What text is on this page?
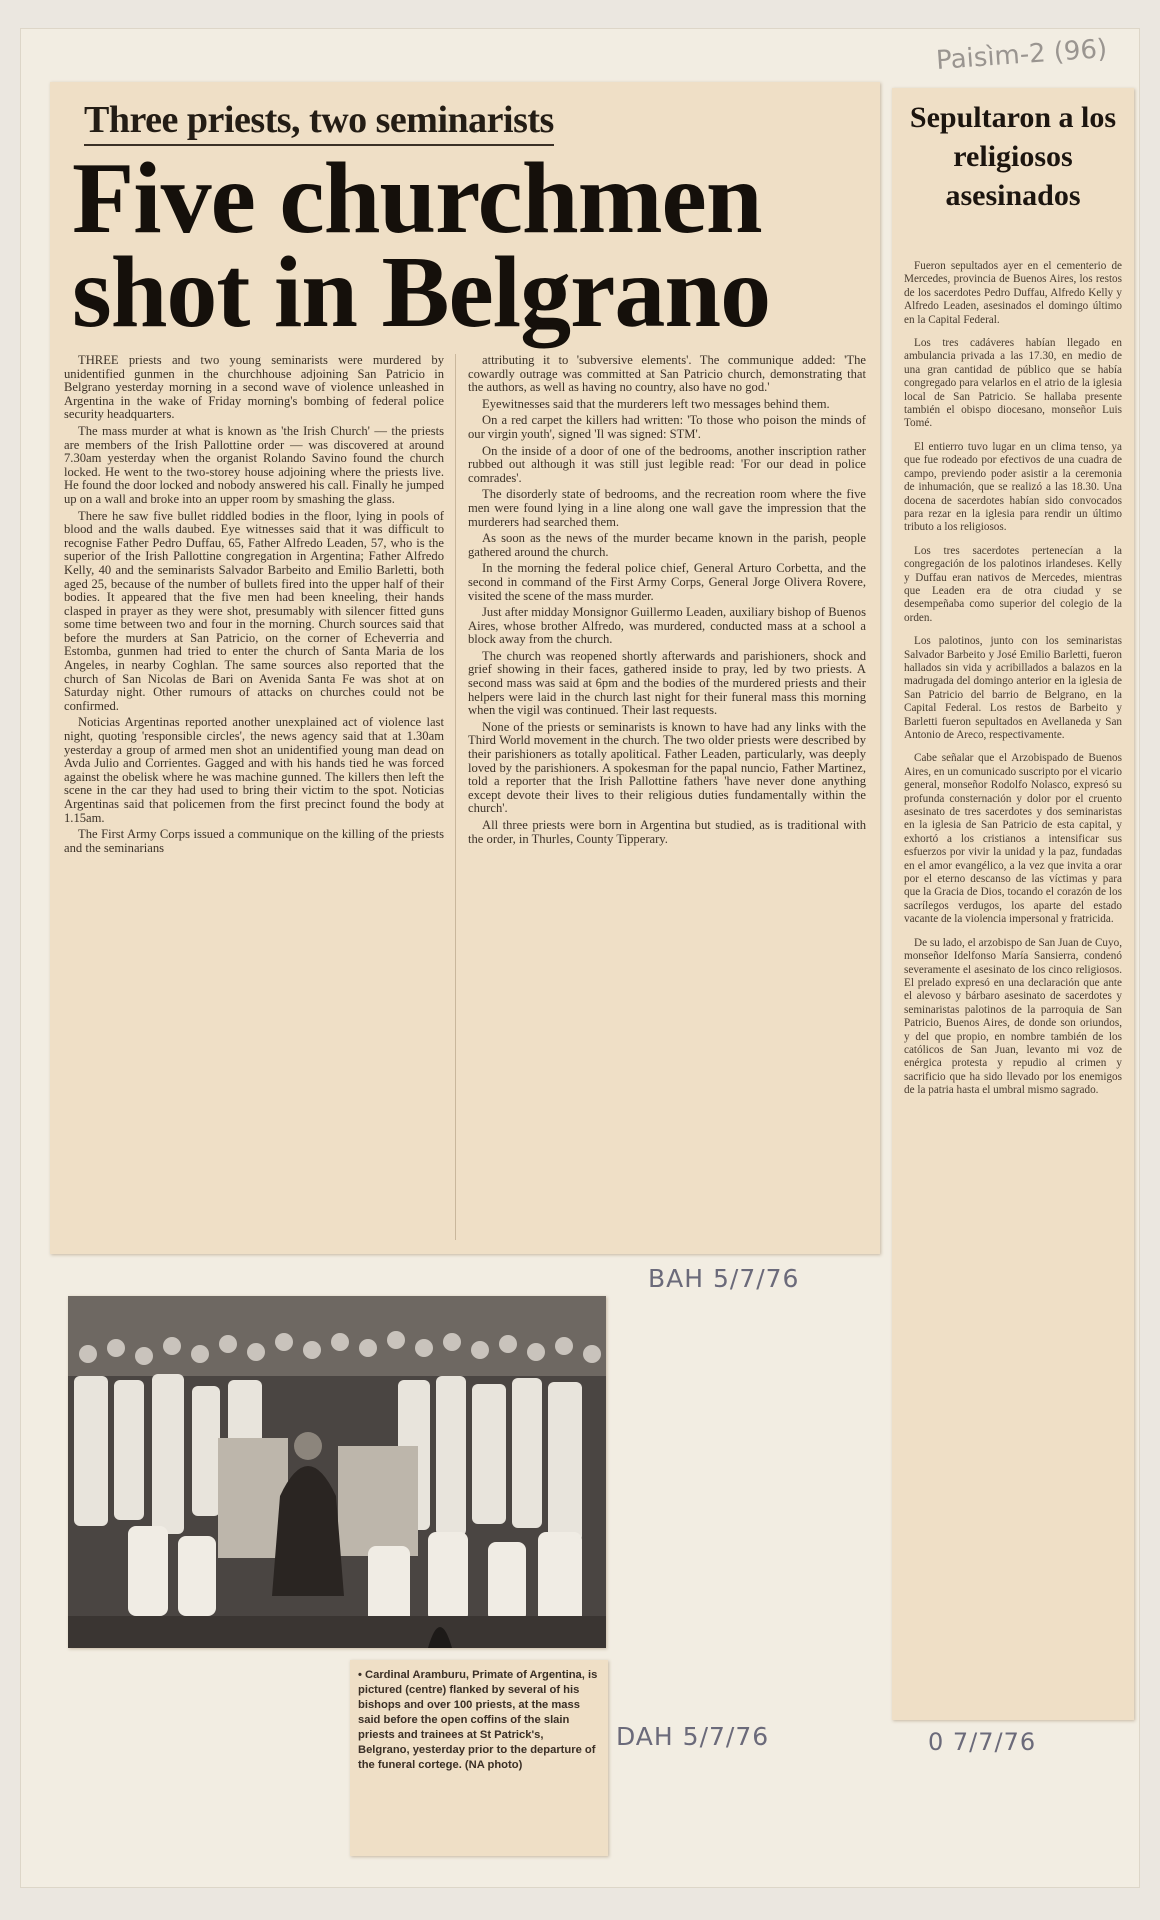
Paisìm-2 (96)
Three priests, two seminarists
Five churchmen shot in Belgrano

THREE priests and two young seminarists were murdered by unidentified gunmen in the churchhouse adjoining San Patricio in Belgrano yesterday morning in a second wave of violence unleashed in Argentina in the wake of Friday morning's bombing of federal police security headquarters.

The mass murder at what is known as 'the Irish Church' — the priests are members of the Irish Pallottine order — was discovered at around 7.30am yesterday when the organist Rolando Savino found the church locked. He went to the two-storey house adjoining where the priests live. He found the door locked and nobody answered his call. Finally he jumped up on a wall and broke into an upper room by smashing the glass.

There he saw five bullet riddled bodies in the floor, lying in pools of blood and the walls daubed. Eye witnesses said that it was difficult to recognise Father Pedro Duffau, 65, Father Alfredo Leaden, 57, who is the superior of the Irish Pallottine congregation in Argentina; Father Alfredo Kelly, 40 and the seminarists Salvador Barbeito and Emilio Barletti, both aged 25, because of the number of bullets fired into the upper half of their bodies. It appeared that the five men had been kneeling, their hands clasped in prayer as they were shot, presumably with silencer fitted guns some time between two and four in the morning. Church sources said that before the murders at San Patricio, on the corner of Echeverria and Estomba, gunmen had tried to enter the church of Santa Maria de los Angeles, in nearby Coghlan. The same sources also reported that the church of San Nicolas de Bari on Avenida Santa Fe was shot at on Saturday night. Other rumours of attacks on churches could not be confirmed.

Noticias Argentinas reported another unexplained act of violence last night, quoting 'responsible circles', the news agency said that at 1.30am yesterday a group of armed men shot an unidentified young man dead on Avda Julio and Corrientes. Gagged and with his hands tied he was forced against the obelisk where he was machine gunned. The killers then left the scene in the car they had used to bring their victim to the spot. Noticias Argentinas said that policemen from the first precinct found the body at 1.15am.

The First Army Corps issued a communique on the killing of the priests and the seminarians

attributing it to 'subversive elements'. The communique added: 'The cowardly outrage was committed at San Patricio church, demonstrating that the authors, as well as having no country, also have no god.'

Eyewitnesses said that the murderers left two messages behind them.

On a red carpet the killers had written: 'To those who poison the minds of our virgin youth', signed 'Il was signed: STM'.

On the inside of a door of one of the bedrooms, another inscription rather rubbed out although it was still just legible read: 'For our dead in police comrades'.

The disorderly state of bedrooms, and the recreation room where the five men were found lying in a line along one wall gave the impression that the murderers had searched them.

As soon as the news of the murder became known in the parish, people gathered around the church.

In the morning the federal police chief, General Arturo Corbetta, and the second in command of the First Army Corps, General Jorge Olivera Rovere, visited the scene of the mass murder.

Just after midday Monsignor Guillermo Leaden, auxiliary bishop of Buenos Aires, whose brother Alfredo, was murdered, conducted mass at a school a block away from the church.

The church was reopened shortly afterwards and parishioners, shock and grief showing in their faces, gathered inside to pray, led by two priests. A second mass was said at 6pm and the bodies of the murdered priests and their helpers were laid in the church last night for their funeral mass this morning when the vigil was continued. Their last requests.

None of the priests or seminarists is known to have had any links with the Third World movement in the church. The two older priests were described by their parishioners as totally apolitical. Father Leaden, particularly, was deeply loved by the parishioners. A spokesman for the papal nuncio, Father Martinez, told a reporter that the Irish Pallottine fathers 'have never done anything except devote their lives to their religious duties fundamentally within the church'.

All three priests were born in Argentina but studied, as is traditional with the order, in Thurles, County Tipperary.

Sepultaron a los religiosos asesinados

Fueron sepultados ayer en el cementerio de Mercedes, provincia de Buenos Aires, los restos de los sacerdotes Pedro Duffau, Alfredo Kelly y Alfredo Leaden, asesinados el domingo último en la Capital Federal.

Los tres cadáveres habían llegado en ambulancia privada a las 17.30, en medio de una gran cantidad de público que se había congregado para velarlos en el atrio de la iglesia local de San Patricio. Se hallaba presente también el obispo diocesano, monseñor Luis Tomé.

El entierro tuvo lugar en un clima tenso, ya que fue rodeado por efectivos de una cuadra de campo, previendo poder asistir a la ceremonia de inhumación, que se realizó a las 18.30. Una docena de sacerdotes habían sido convocados para rezar en la iglesia para rendir un último tributo a los religiosos.

Los tres sacerdotes pertenecían a la congregación de los palotinos irlandeses. Kelly y Duffau eran nativos de Mercedes, mientras que Leaden era de otra ciudad y se desempeñaba como superior del colegio de la orden.

Los palotinos, junto con los seminaristas Salvador Barbeito y José Emilio Barletti, fueron hallados sin vida y acribillados a balazos en la madrugada del domingo anterior en la iglesia de San Patricio del barrio de Belgrano, en la Capital Federal. Los restos de Barbeito y Barletti fueron sepultados en Avellaneda y San Antonio de Areco, respectivamente.

Cabe señalar que el Arzobispado de Buenos Aires, en un comunicado suscripto por el vicario general, monseñor Rodolfo Nolasco, expresó su profunda consternación y dolor por el cruento asesinato de tres sacerdotes y dos seminaristas en la iglesia de San Patricio de esta capital, y exhortó a los cristianos a intensificar sus esfuerzos por vivir la unidad y la paz, fundadas en el amor evangélico, a la vez que invita a orar por el eterno descanso de las víctimas y para que la Gracia de Dios, tocando el corazón de los sacrílegos verdugos, los aparte del estado vacante de la violencia impersonal y fratricida.

De su lado, el arzobispo de San Juan de Cuyo, monseñor Idelfonso María Sansierra, condenó severamente el asesinato de los cinco religiosos. El prelado expresó en una declaración que ante el alevoso y bárbaro asesinato de sacerdotes y seminaristas palotinos de la parroquia de San Patricio, Buenos Aires, de donde son oriundos, y del que propio, en nombre también de los católicos de San Juan, levanto mi voz de enérgica protesta y repudio al crimen y sacrificio que ha sido llevado por los enemigos de la patria hasta el umbral mismo sagrado.

BAH 5/7/76

• Cardinal Aramburu, Primate of Argentina, is pictured (centre) flanked by several of his bishops and over 100 priests, at the mass said before the open coffins of the slain priests and trainees at St Patrick's, Belgrano, yesterday prior to the departure of the funeral cortege. (NA photo)

DAH 5/7/76	0 7/7/76
